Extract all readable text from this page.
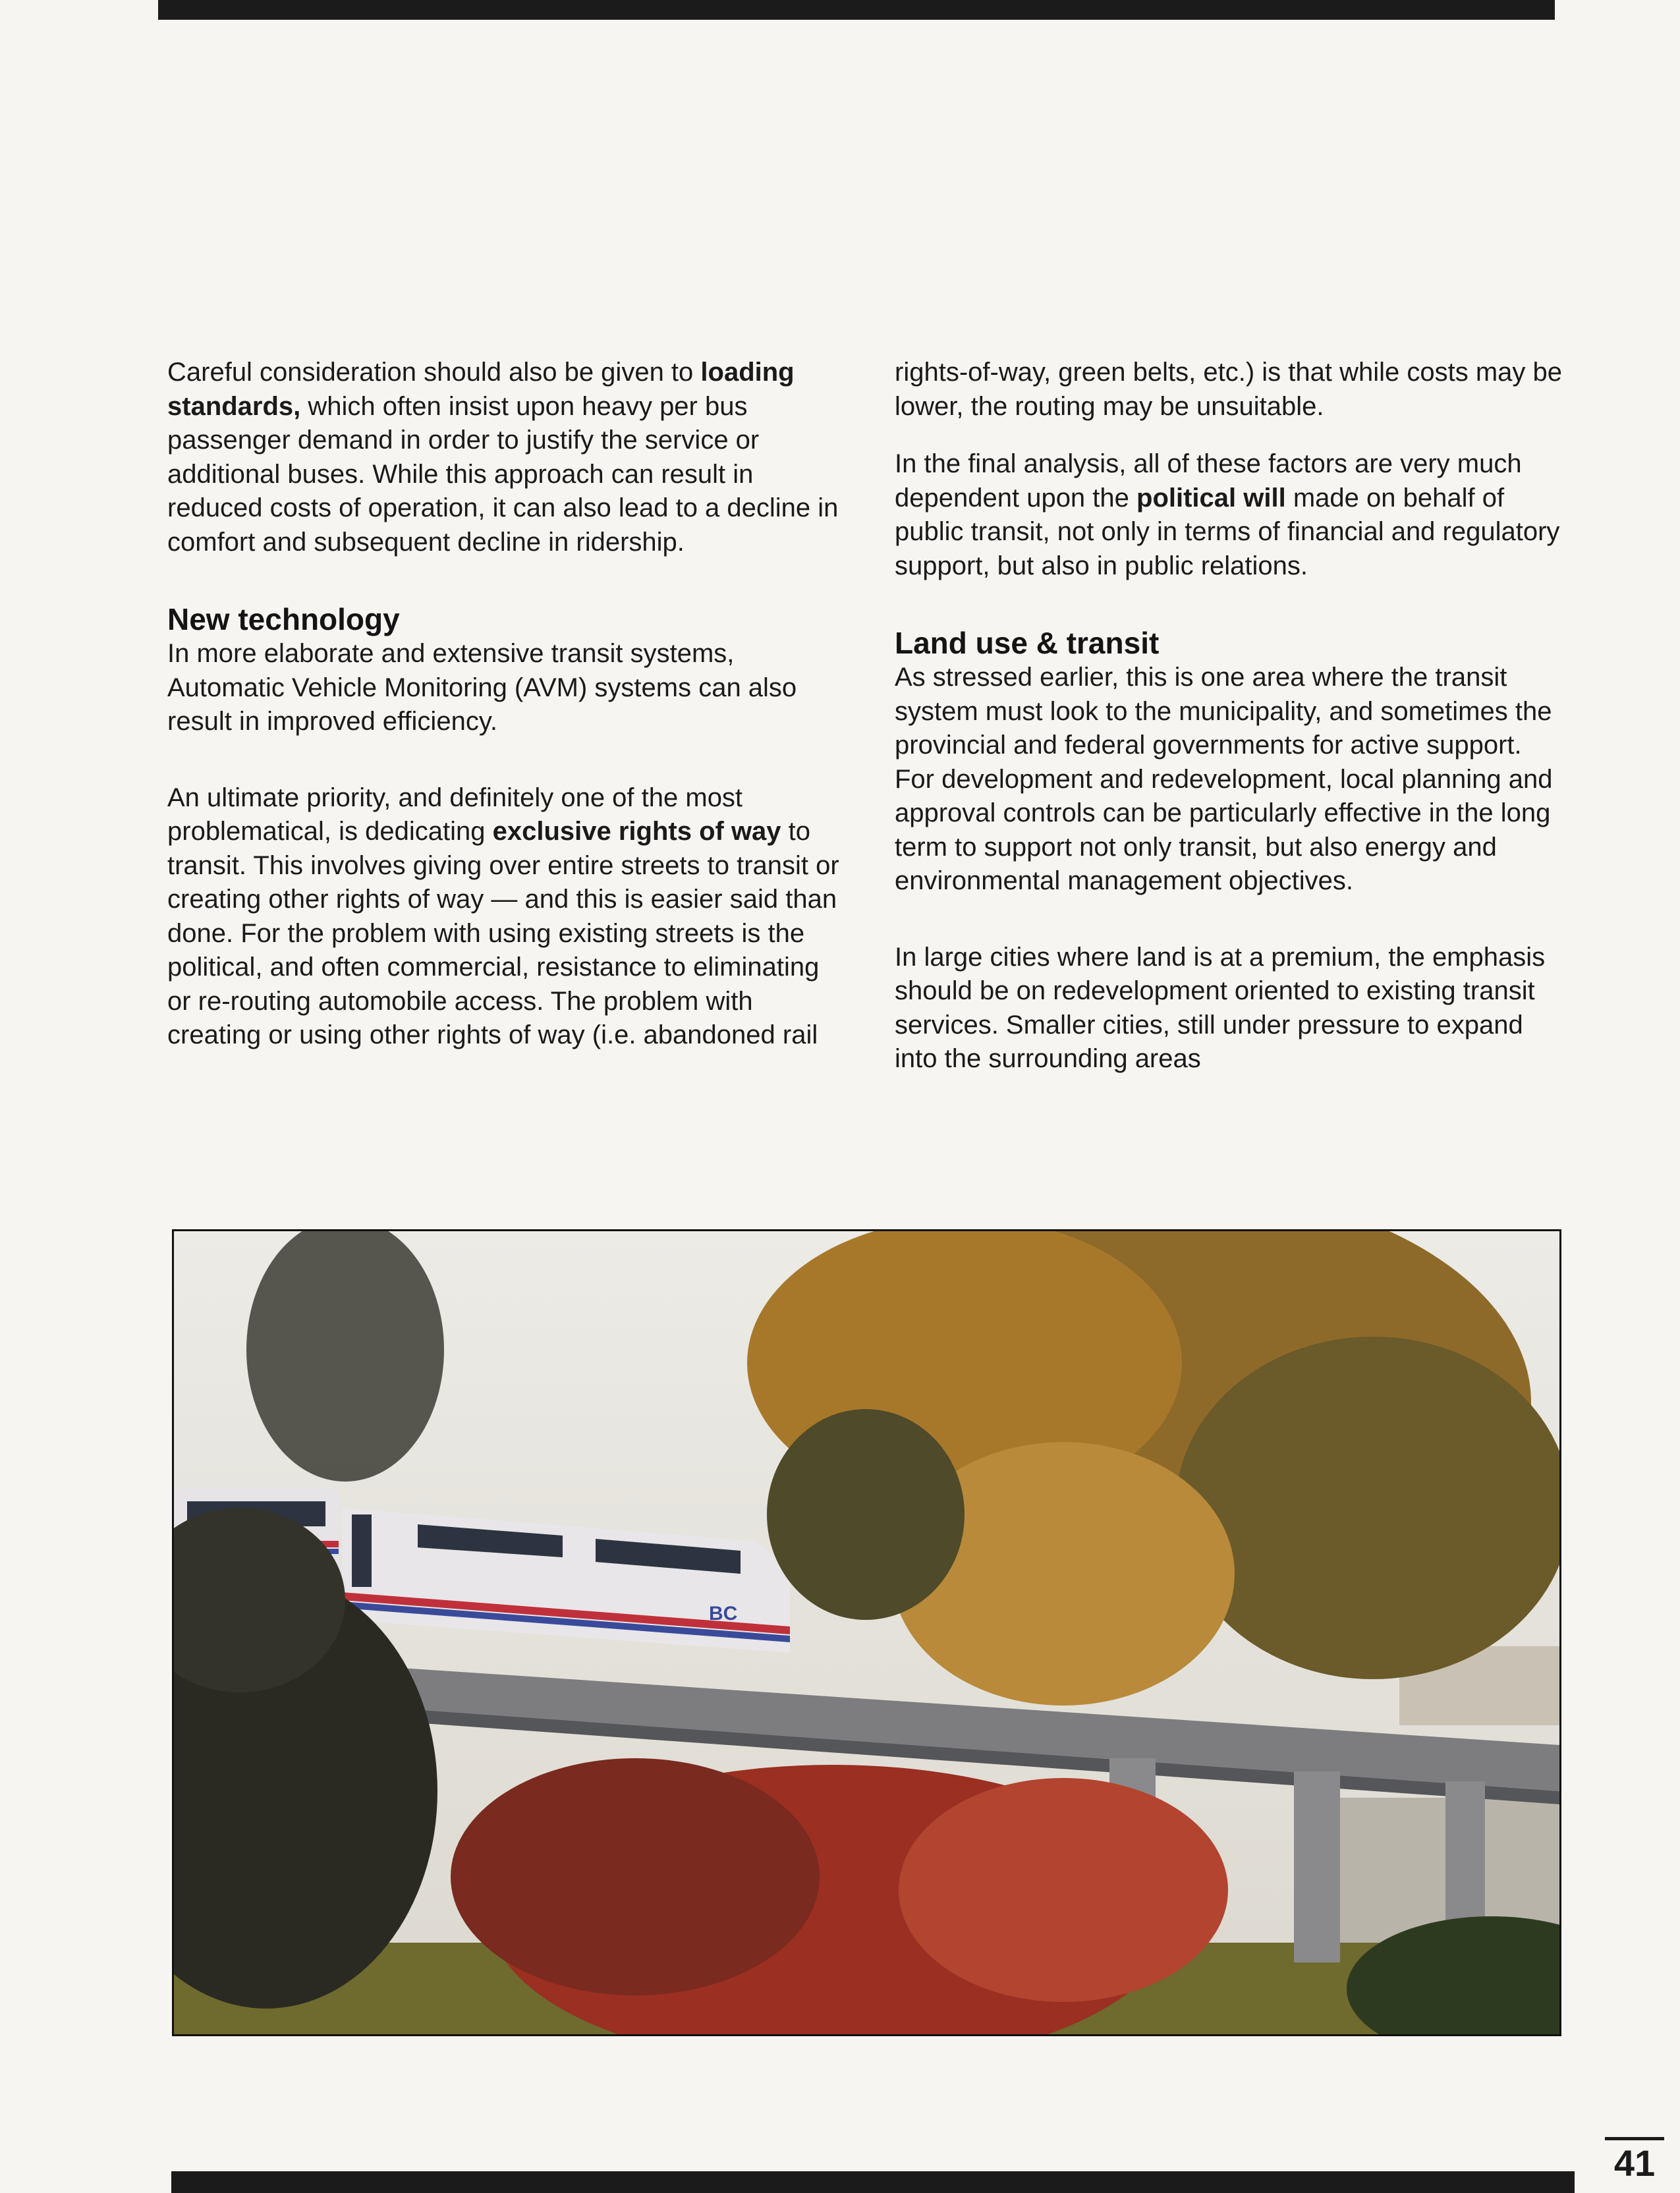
Careful consideration should also be given to loading standards, which often insist upon heavy per bus passenger demand in order to justify the service or additional buses. While this approach can result in reduced costs of operation, it can also lead to a decline in comfort and subsequent decline in ridership.

New technology

In more elaborate and extensive transit systems, Automatic Vehicle Monitoring (AVM) systems can also result in improved efficiency.

An ultimate priority, and definitely one of the most problematical, is dedicating exclusive rights of way to transit. This involves giving over entire streets to transit or creating other rights of way — and this is easier said than done. For the problem with using existing streets is the political, and often commercial, resistance to eliminating or re-routing automobile access. The problem with creating or using other rights of way (i.e. abandoned rail

rights-of-way, green belts, etc.) is that while costs may be lower, the routing may be unsuitable.

In the final analysis, all of these factors are very much dependent upon the political will made on behalf of public transit, not only in terms of financial and regulatory support, but also in public relations.

Land use & transit

As stressed earlier, this is one area where the transit system must look to the municipality, and sometimes the provincial and federal governments for active support. For development and redevelopment, local planning and approval controls can be particularly effective in the long term to support not only transit, but also energy and environmental management objectives.

In large cities where land is at a premium, the emphasis should be on redevelopment oriented to existing transit services. Smaller cities, still under pressure to expand into the surrounding areas

BC
41
